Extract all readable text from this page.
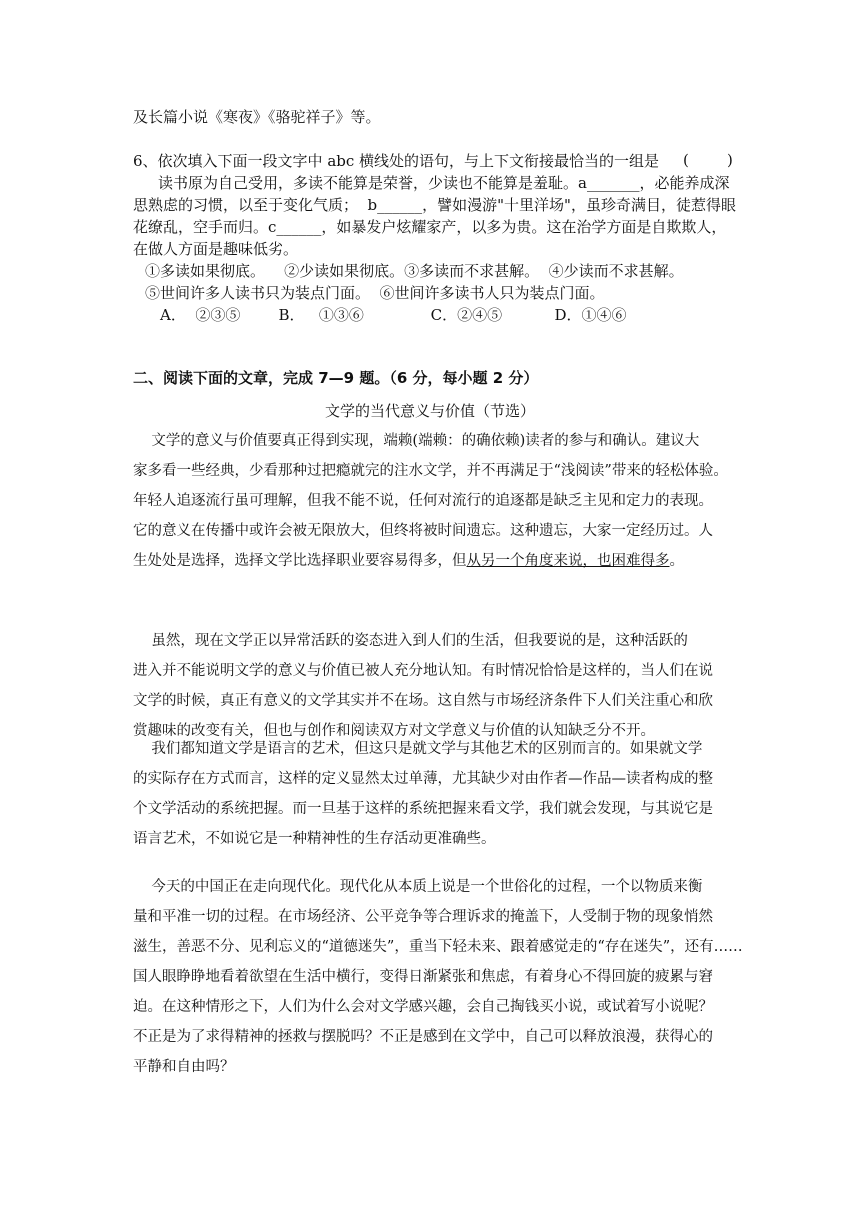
及长篇小说《寒夜》《骆驼祥子》等。
6、依次填入下面一段文字中 abc 横线处的语句，与上下文衔接最恰当的一组是 (        )
读书原为自己受用，多读不能算是荣誉，少读也不能算是羞耻。a_______，必能养成深
思熟虑的习惯，以至于变化气质；  b______，譬如漫游"十里洋场"，虽珍奇满目，徒惹得眼
花缭乱，空手而归。c______，如暴发户炫耀家产，以多为贵。这在治学方面是自欺欺人，
在做人方面是趣味低劣。
①多读如果彻底。    ②少读如果彻底。③多读而不求甚解。  ④少读而不求甚解。
⑤世间许多人读书只为装点门面。  ⑥世间许多读书人只为装点门面。
A．  ②③⑤        B．   ①③⑥              C．②④⑤           D．①④⑥
二、阅读下面的文章，完成 7—9 题。（6 分，每小题 2 分）
文学的当代意义与价值（节选）
文学的意义与价值要真正得到实现，端赖(端赖：的确依赖)读者的参与和确认。建议大
家多看一些经典，少看那种过把瘾就完的注水文学，并不再满足于“浅阅读”带来的轻松体验。
年轻人追逐流行虽可理解，但我不能不说，任何对流行的追逐都是缺乏主见和定力的表现。
它的意义在传播中或许会被无限放大，但终将被时间遗忘。这种遗忘，大家一定经历过。人
生处处是选择，选择文学比选择职业要容易得多，但从另一个角度来说，也困难得多。
虽然，现在文学正以异常活跃的姿态进入到人们的生活，但我要说的是，这种活跃的
进入并不能说明文学的意义与价值已被人充分地认知。有时情况恰恰是这样的，当人们在说
文学的时候，真正有意义的文学其实并不在场。这自然与市场经济条件下人们关注重心和欣
赏趣味的改变有关，但也与创作和阅读双方对文学意义与价值的认知缺乏分不开。
我们都知道文学是语言的艺术，但这只是就文学与其他艺术的区别而言的。如果就文学
的实际存在方式而言，这样的定义显然太过单薄，尤其缺少对由作者—作品—读者构成的整
个文学活动的系统把握。而一旦基于这样的系统把握来看文学，我们就会发现，与其说它是
语言艺术，不如说它是一种精神性的生存活动更准确些。
今天的中国正在走向现代化。现代化从本质上说是一个世俗化的过程，一个以物质来衡
量和平准一切的过程。在市场经济、公平竞争等合理诉求的掩盖下，人受制于物的现象悄然
滋生，善恶不分、见利忘义的“道德迷失”，重当下轻未来、跟着感觉走的“存在迷失”，还有……
国人眼睁睁地看着欲望在生活中横行，变得日渐紧张和焦虑，有着身心不得回旋的疲累与窘
迫。在这种情形之下，人们为什么会对文学感兴趣，会自己掏钱买小说，或试着写小说呢？
不正是为了求得精神的拯救与摆脱吗？不正是感到在文学中，自己可以释放浪漫，获得心的
平静和自由吗？
